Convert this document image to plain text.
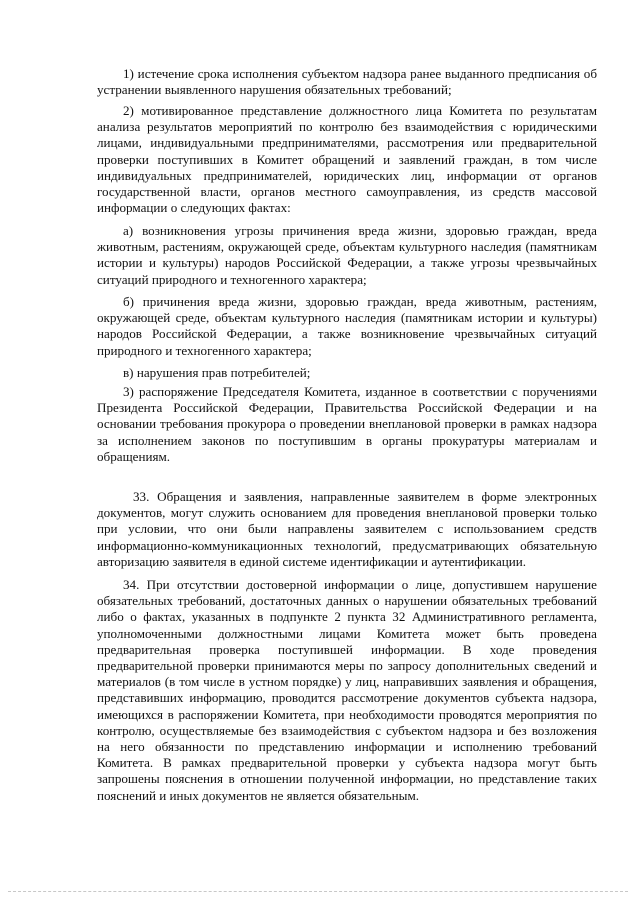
1) истечение срока исполнения субъектом надзора ранее выданного предписания об устранении выявленного нарушения обязательных требований;

2) мотивированное представление должностного лица Комитета по результатам анализа результатов мероприятий по контролю без взаимодействия с юридическими лицами, индивидуальными предпринимателями, рассмотрения или предварительной проверки поступивших в Комитет обращений и заявлений граждан, в том числе индивидуальных предпринимателей, юридических лиц, информации от органов государственной власти, органов местного самоуправления, из средств массовой информации о следующих фактах:

а) возникновения угрозы причинения вреда жизни, здоровью граждан, вреда животным, растениям, окружающей среде, объектам культурного наследия (памятникам истории и культуры) народов Российской Федерации, а также угрозы чрезвычайных ситуаций природного и техногенного характера;

б) причинения вреда жизни, здоровью граждан, вреда животным, растениям, окружающей среде, объектам культурного наследия (памятникам истории и культуры) народов Российской Федерации, а также возникновение чрезвычайных ситуаций природного и техногенного характера;

в) нарушения прав потребителей;

3) распоряжение Председателя Комитета, изданное в соответствии с поручениями Президента Российской Федерации, Правительства Российской Федерации и на основании требования прокурора о проведении внеплановой проверки в рамках надзора за исполнением законов по поступившим в органы прокуратуры материалам и обращениям.

33. Обращения и заявления, направленные заявителем в форме электронных документов, могут служить основанием для проведения внеплановой проверки только при условии, что они были направлены заявителем с использованием средств информационно-коммуникационных технологий, предусматривающих обязательную авторизацию заявителя в единой системе идентификации и аутентификации.

34. При отсутствии достоверной информации о лице, допустившем нарушение обязательных требований, достаточных данных о нарушении обязательных требований либо о фактах, указанных в подпункте 2 пункта 32 Административного регламента, уполномоченными должностными лицами Комитета может быть проведена предварительная проверка поступившей информации. В ходе проведения предварительной проверки принимаются меры по запросу дополнительных сведений и материалов (в том числе в устном порядке) у лиц, направивших заявления и обращения, представивших информацию, проводится рассмотрение документов субъекта надзора, имеющихся в распоряжении Комитета, при необходимости проводятся мероприятия по контролю, осуществляемые без взаимодействия с субъектом надзора и без возложения на него обязанности по представлению информации и исполнению требований Комитета. В рамках предварительной проверки у субъекта надзора могут быть запрошены пояснения в отношении полученной информации, но представление таких пояснений и иных документов не является обязательным.
